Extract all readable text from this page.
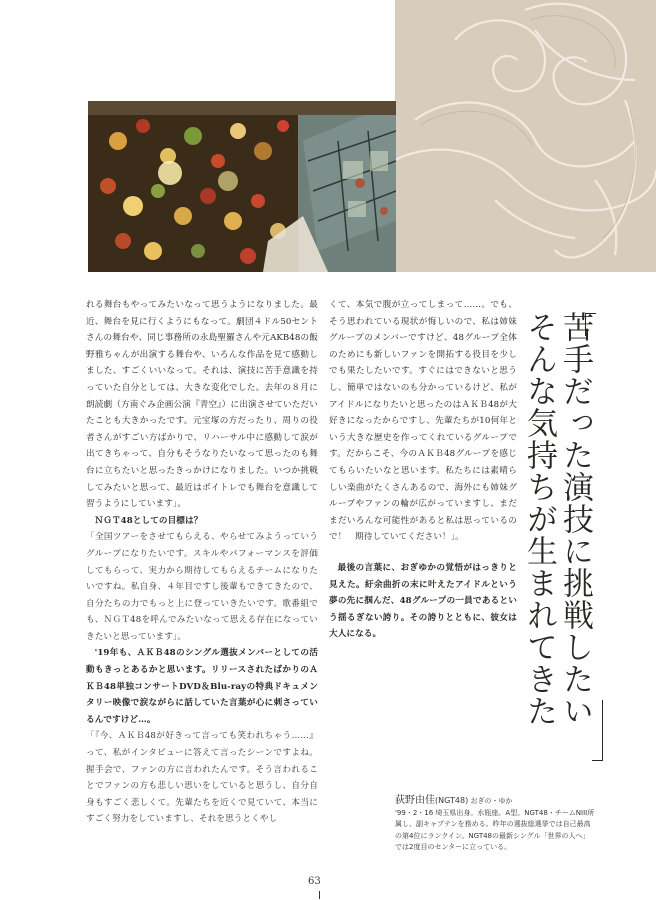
れる舞台もやってみたいなって思うようになりました。最近、舞台を見に行くようにもなって。劇団４ドル50セントさんの舞台や、同じ事務所の永島聖羅さんや元AKB48の飯野雅ちゃんが出演する舞台や、いろんな作品を見て感動しました、すごくいいなって。それは、演技に苦手意識を持っていた自分としては、大きな変化でした。去年の８月に朗読劇（方南ぐみ企画公演『青空』）に出演させていただいたことも大きかったです。元宝塚の方だったり、周りの役者さんがすごい方ばかりで、リハーサル中に感動して涙が出てきちゃって、自分もそうなりたいなって思ったのも舞台に立ちたいと思ったきっかけになりました。いつか挑戦してみたいと思って、最近はボイトレでも舞台を意識して習うようにしています」。

ＮＧＴ48としての目標は？

「全国ツアーをさせてもらえる、やらせてみようっていうグループになりたいです。スキルやパフォーマンスを評価してもらって、実力から期待してもらえるチームになりたいですね。私自身、４年目ですし後輩もできてきたので、自分たちの力でもっと上に登っていきたいです。歌番組でも、ＮＧＴ48を呼んでみたいなって思える存在になっていきたいと思っています」。

'19年も、ＡＫＢ48のシングル選抜メンバーとしての活動もきっとあるかと思います。リリースされたばかりのＡＫＢ48単独コンサートDVD＆Blu-rayの特典ドキュメンタリー映像で涙ながらに話していた言葉が心に刺さっているんですけど…。

「『今、ＡＫＢ48が好きって言っても笑われちゃう……』って、私がインタビューに答えて言ったシーンですよね。握手会で、ファンの方に言われたんです。そう言われることでファンの方も悲しい思いをしていると思うし、自分自身もすごく悲しくて。先輩たちを近くで見ていて、本当にすごく努力をしていますし、それを思うとくやし

くて、本気で腹が立ってしまって……。でも、そう思われている現状が悔しいので、私は姉妹グループのメンバーですけど、48グループ全体のためにも新しいファンを開拓する役目を少しでも果たしたいです。すぐにはできないと思うし、簡単ではないのも分かっているけど、私がアイドルになりたいと思ったのはＡＫＢ48が大好きになったからですし、先輩たちが10何年という大きな歴史を作ってくれているグループです。だからこそ、今のＡＫＢ48グループを感じてもらいたいなと思います。私たちには素晴らしい楽曲がたくさんあるので、海外にも姉妹グループやファンの輪が広がっていますし、まだまだいろんな可能性があると私は思っているので！　期待していてください！」。

最後の言葉に、おぎゆかの覚悟がはっきりと見えた。紆余曲折の末に叶えたアイドルという夢の先に掴んだ、48グループの一員であるという揺るぎない誇り。その誇りとともに、彼女は大人になる。	苦手だった演技に挑戦したい
そんな気持ちが生まれてきた
荻野由佳(NGT48) おぎの・ゆか
'99・2・16 埼玉県出身。水瓶座。A型。NGT48・チームNIII所属し、副キャプテンを務める。昨年の選抜総選挙では自己最高の第4位にランクイン。NGT48の最新シングル「世界の人へ」では2度目のセンターに立っている。
63
